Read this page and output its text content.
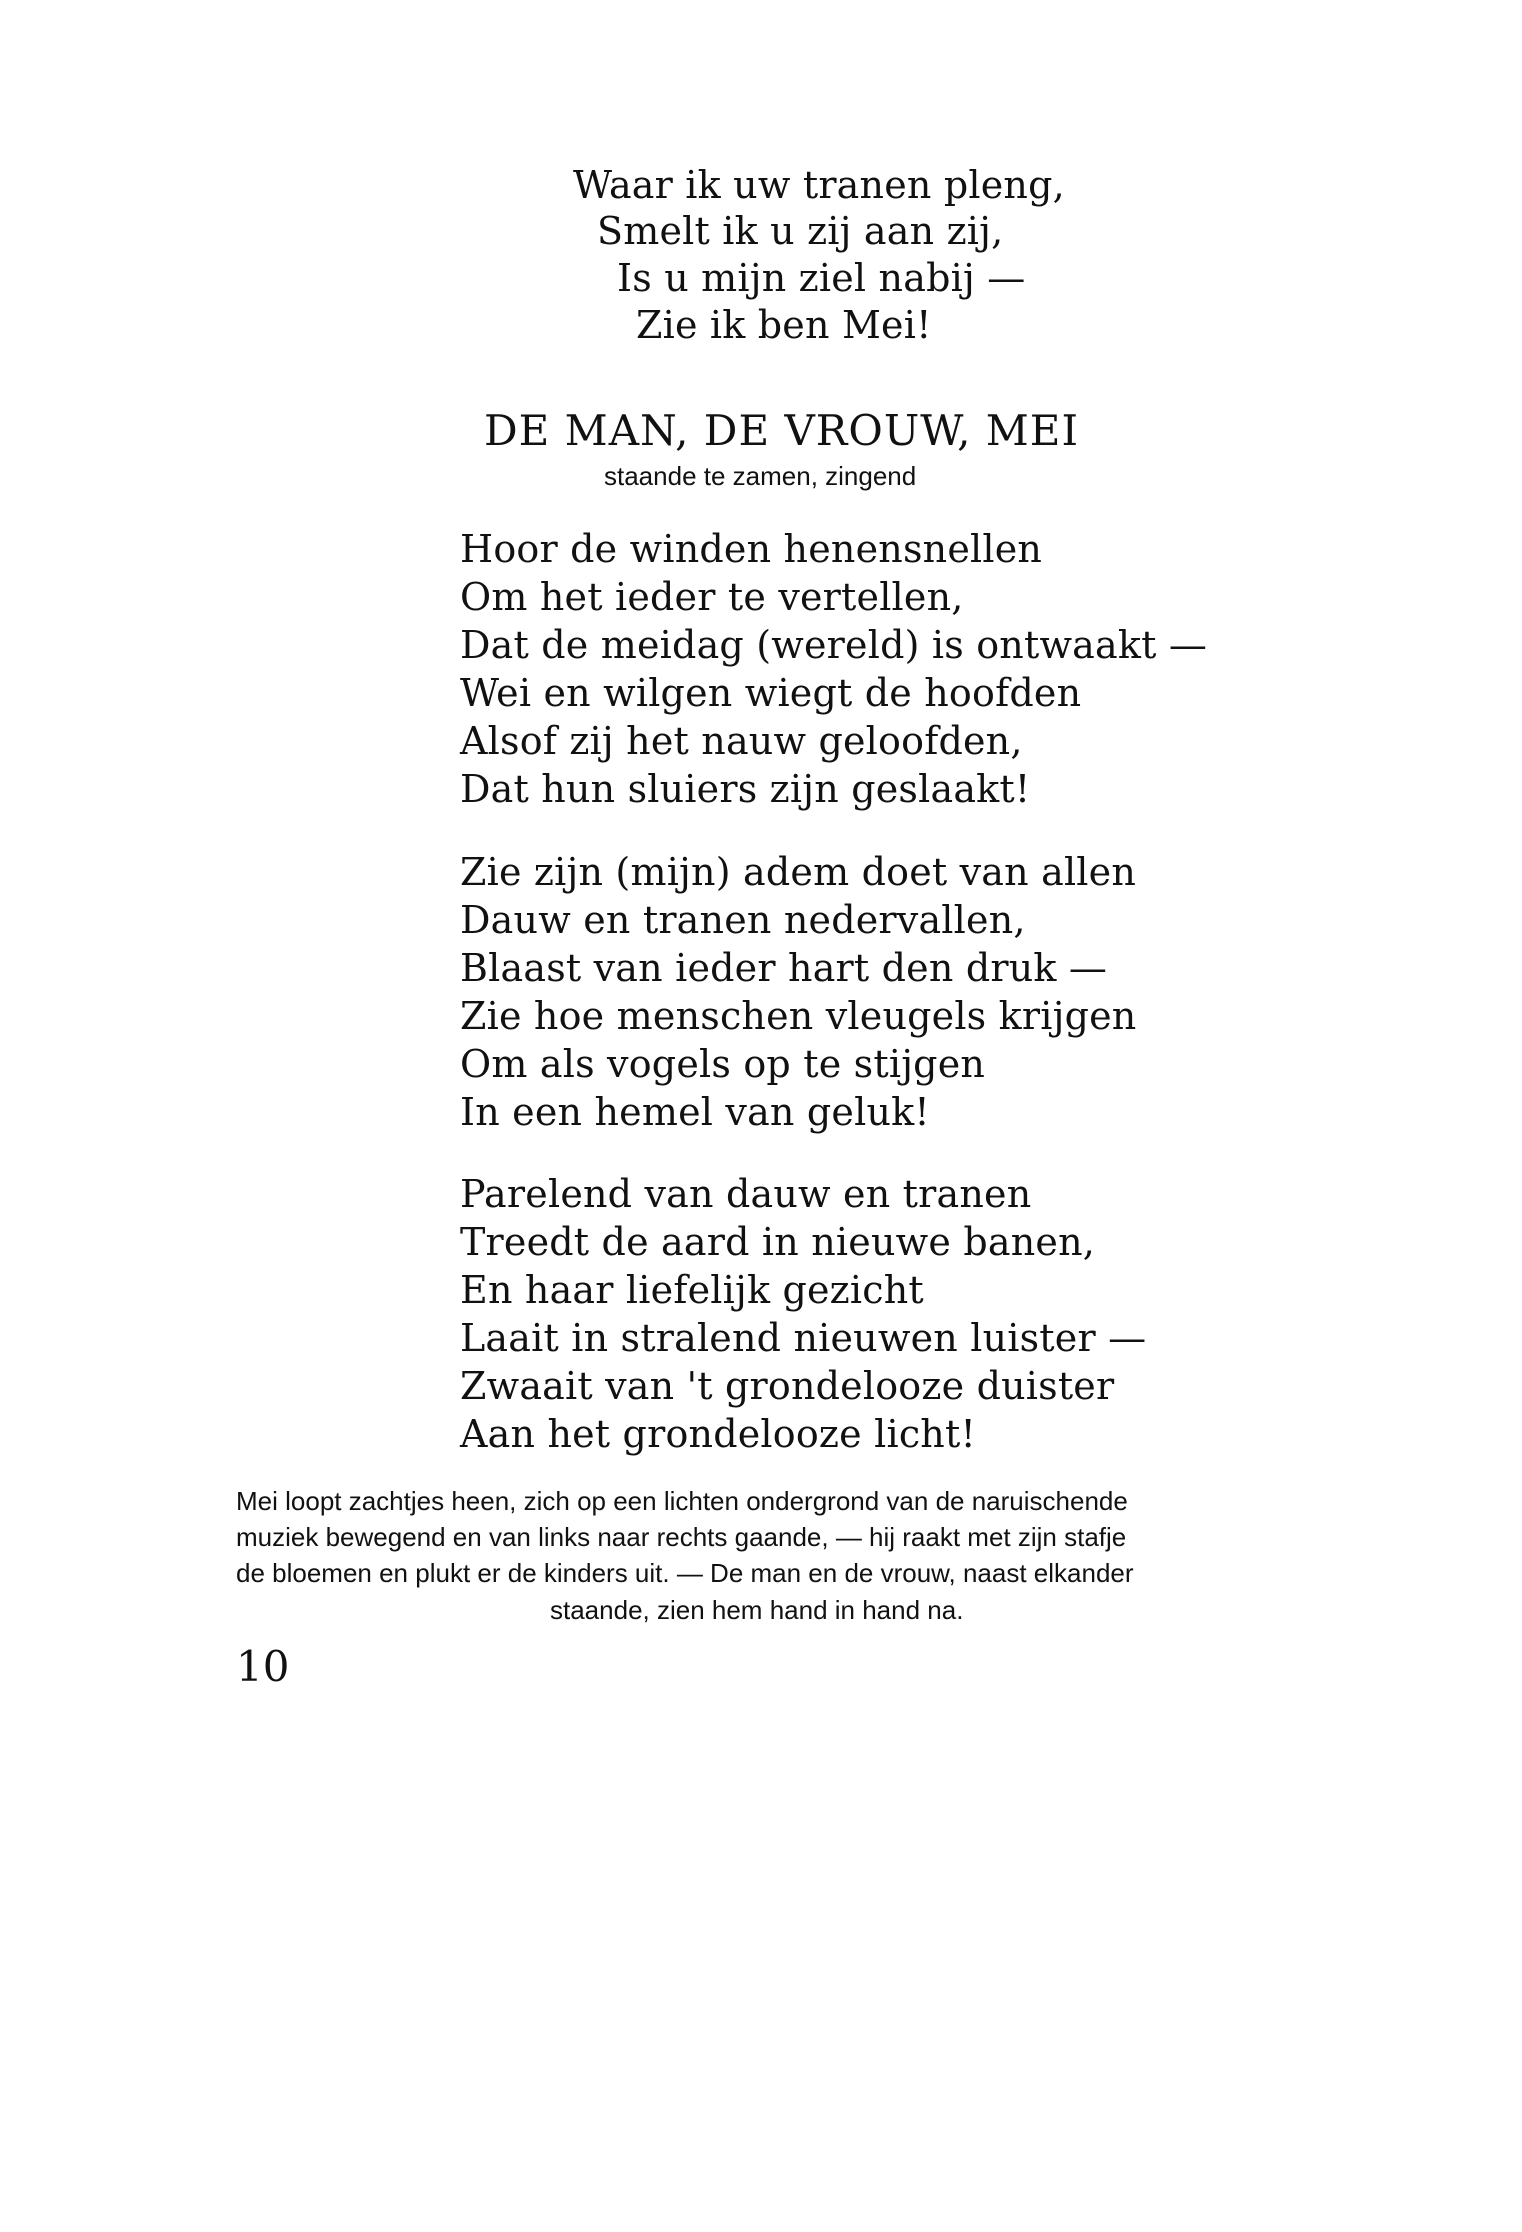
Waar ik uw tranen pleng,
Smelt ik u zij aan zij,
Is u mijn ziel nabij —
Zie ik ben Mei!
DE MAN, DE VROUW, MEI
staande te zamen, zingend
Hoor de winden henensnellen
Om het ieder te vertellen,
Dat de meidag (wereld) is ontwaakt —
Wei en wilgen wiegt de hoofden
Alsof zij het nauw geloofden,
Dat hun sluiers zijn geslaakt!
Zie zijn (mijn) adem doet van allen
Dauw en tranen nedervallen,
Blaast van ieder hart den druk —
Zie hoe menschen vleugels krijgen
Om als vogels op te stijgen
In een hemel van geluk!
Parelend van dauw en tranen
Treedt de aard in nieuwe banen,
En haar liefelijk gezicht
Laait in stralend nieuwen luister —
Zwaait van 't grondelooze duister
Aan het grondelooze licht!
Mei loopt zachtjes heen, zich op een lichten ondergrond van de naruischende
muziek bewegend en van links naar rechts gaande, — hij raakt met zijn stafje
de bloemen en plukt er de kinders uit. — De man en de vrouw, naast elkander
staande, zien hem hand in hand na.
10
